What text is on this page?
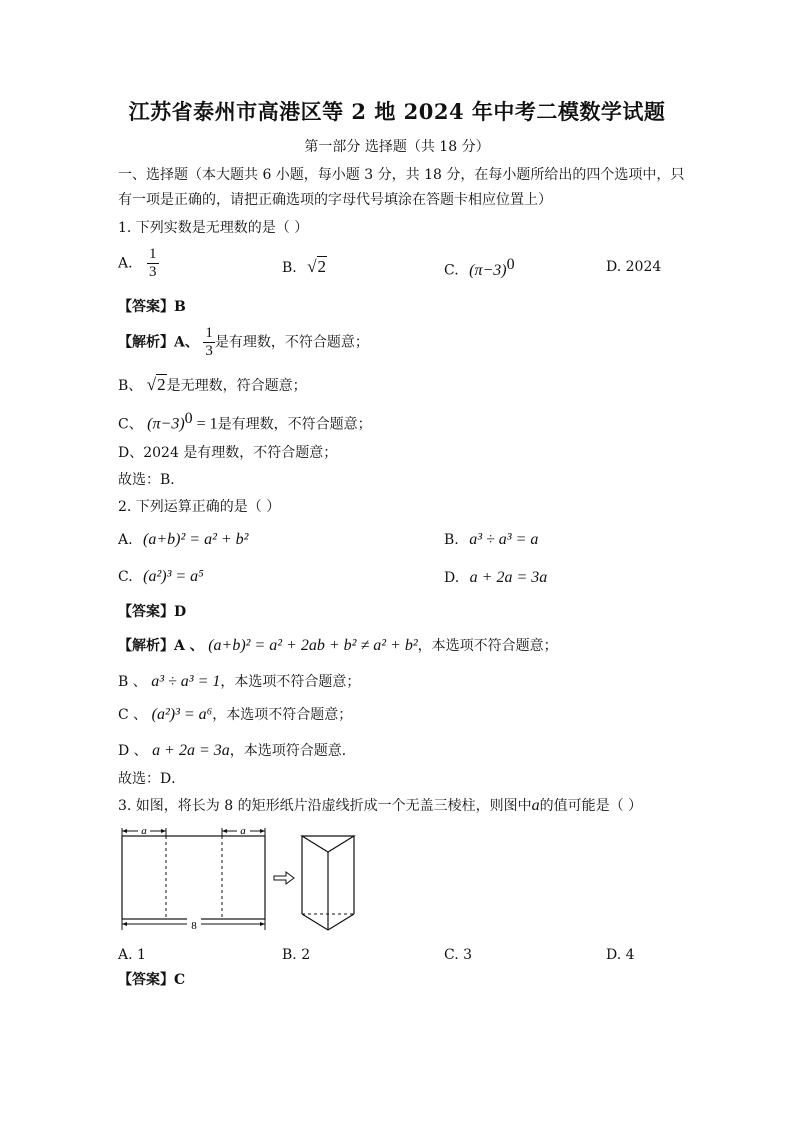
江苏省泰州市高港区等 2 地 2024 年中考二模数学试题
第一部分 选择题（共 18 分）
一、选择题（本大题共 6 小题，每小题 3 分，共 18 分，在每小题所给出的四个选项中，只
有一项是正确的，请把正确选项的字母代号填涂在答题卡相应位置上）
1. 下列实数是无理数的是（ ）
A. $\frac{1}{3}$	B. √2	C. $(\pi-3)^0$	D. 2024
【答案】B
【解析】A、 $\frac{1}{3}$ 是有理数，不符合题意；
B、 √2是无理数，符合题意；
C、 $(\pi-3)^0 = 1$是有理数，不符合题意；
D、2024 是有理数，不符合题意；
故选：B．
2. 下列运算正确的是（ ）
A. (a+b)² = a² + b²	B. a³ ÷ a³ = a
C. (a²)³ = a⁵	D. a + 2a = 3a
【答案】D
【解析】A 、 (a+b)² = a² + 2ab + b² ≠ a² + b²，本选项不符合题意；
B 、 a³ ÷ a³ = 1，本选项不符合题意；
C 、 (a²)³ = a⁶，本选项不符合题意；
D 、 a + 2a = 3a，本选项符合题意．
故选：D．
3. 如图，将长为 8 的矩形纸片沿虚线折成一个无盖三棱柱，则图中a的值可能是（ ）
a	a
8
A. 1	B. 2	C. 3	D. 4
【答案】C
